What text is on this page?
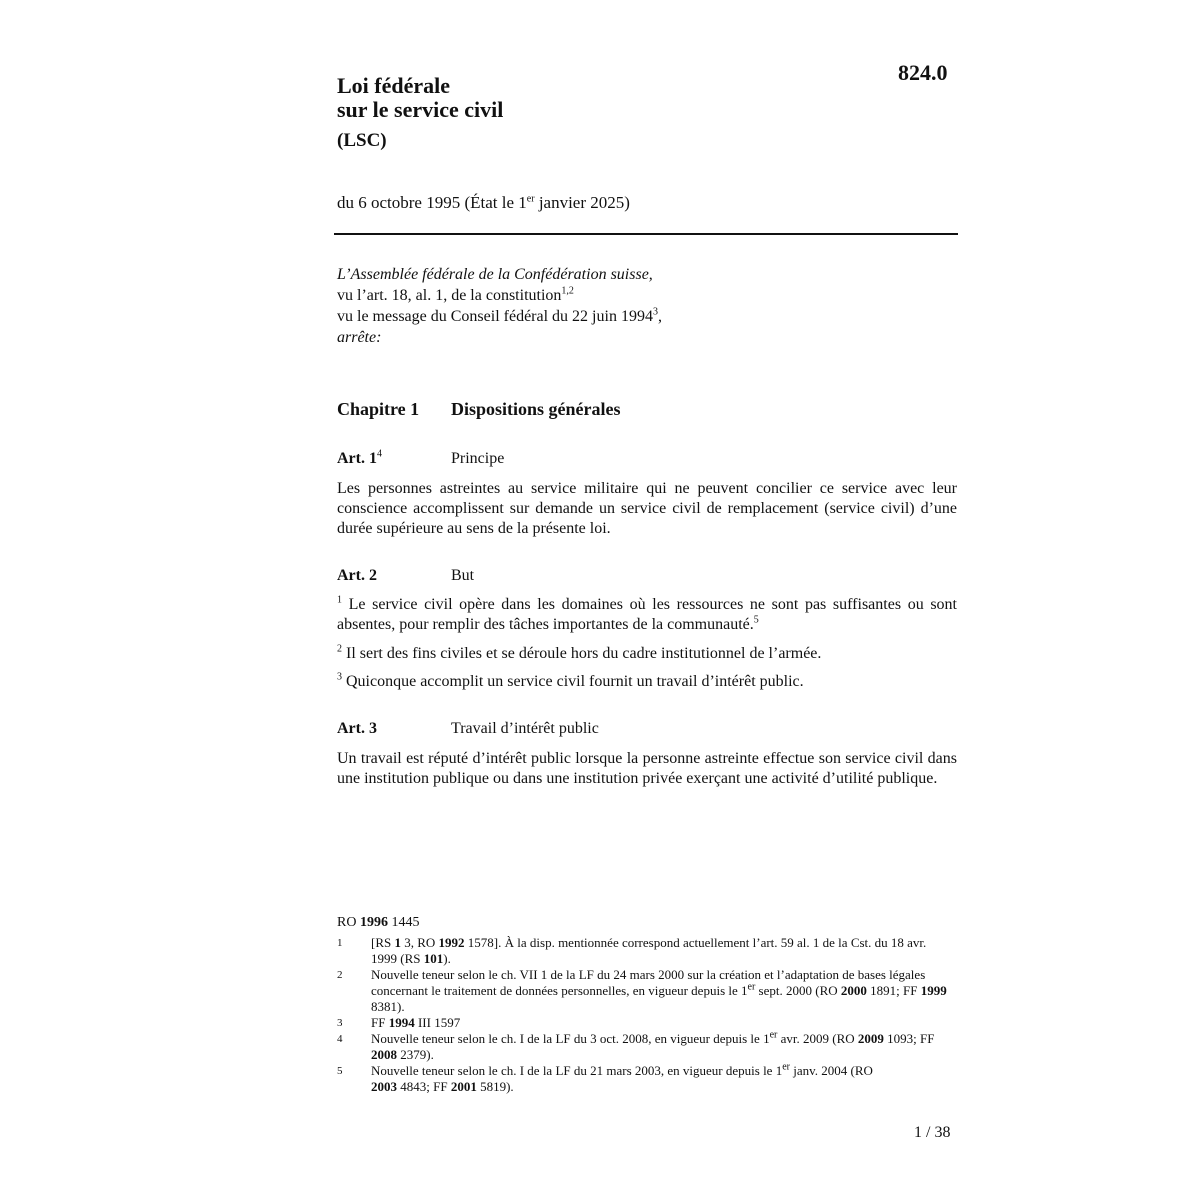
824.0
Loi fédérale
sur le service civil
(LSC)
du 6 octobre 1995 (État le 1er janvier 2025)
L’Assemblée fédérale de la Confédération suisse,
vu l’art. 18, al. 1, de la constitution$^{1,2}$
vu le message du Conseil fédéral du 22 juin 1994$^3$,
arrête:
Chapitre 1 Dispositions générales
Art. $1^4$	Principe
Les personnes astreintes au service militaire qui ne peuvent concilier ce service avec leur conscience accomplissent sur demande un service civil de remplacement (service civil) d’une durée supérieure au sens de la présente loi.
Art. 2	But
$^1$ Le service civil opère dans les domaines où les ressources ne sont pas suffisantes ou sont absentes, pour remplir des tâches importantes de la communauté.$^5$
$^2$ Il sert des fins civiles et se déroule hors du cadre institutionnel de l’armée.
$^3$ Quiconque accomplit un service civil fournit un travail d’intérêt public.
Art. 3	Travail d’intérêt public
Un travail est réputé d’intérêt public lorsque la personne astreinte effectue son service civil dans une institution publique ou dans une institution privée exerçant une activité d’utilité publique.
RO 1996 1445
1 [RS 1 3, RO 1992 1578]. À la disp. mentionnée correspond actuellement l’art. 59 al. 1 de la Cst. du 18 avr. 1999 (RS 101).
2 Nouvelle teneur selon le ch. VII 1 de la LF du 24 mars 2000 sur la création et l’adaptation de bases légales concernant le traitement de données personnelles, en vigueur depuis le 1er sept. 2000 (RO 2000 1891; FF 1999 8381).
3 FF 1994 III 1597
4 Nouvelle teneur selon le ch. I de la LF du 3 oct. 2008, en vigueur depuis le 1er avr. 2009 (RO 2009 1093; FF 2008 2379).
5 Nouvelle teneur selon le ch. I de la LF du 21 mars 2003, en vigueur depuis le 1er janv. 2004 (RO 2003 4843; FF 2001 5819).
1 / 38
